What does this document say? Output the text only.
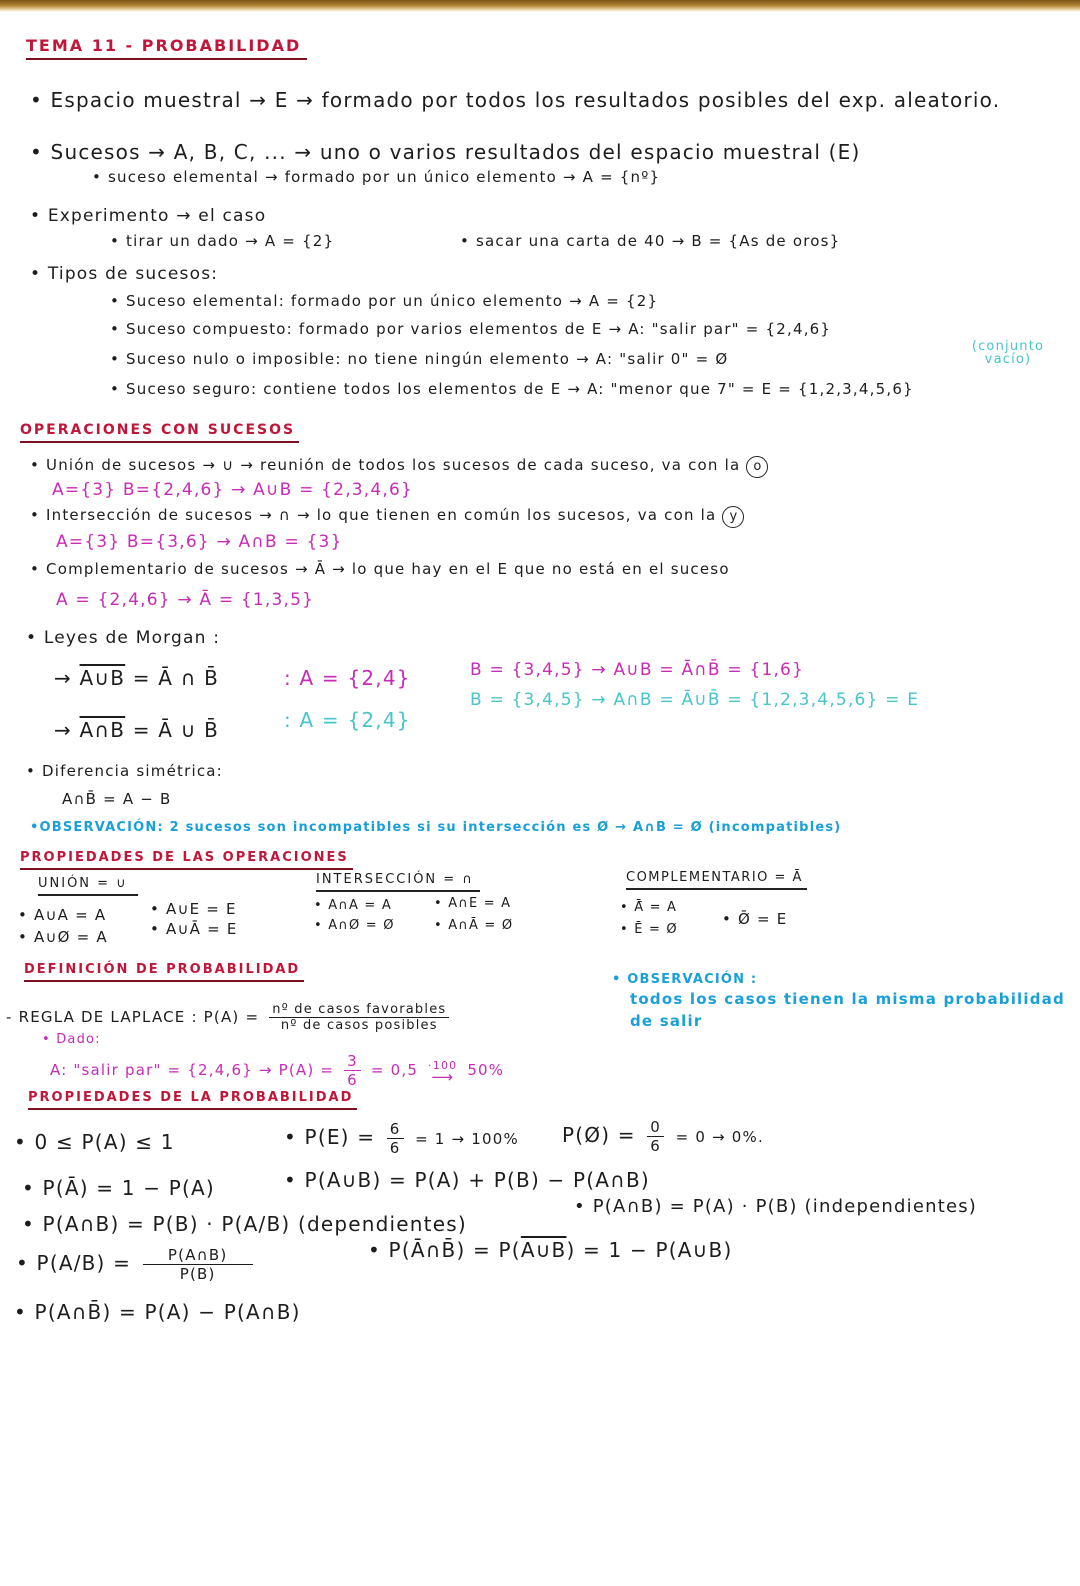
TEMA 11 - PROBABILIDAD
• Espacio muestral → E → formado por todos los resultados posibles del exp. aleatorio.
• Sucesos → A, B, C, ... → uno o varios resultados del espacio muestral (E)
• suceso elemental → formado por un único elemento → A = {nº}
• Experimento → el caso
• tirar un dado → A = {2}	• sacar una carta de 40 → B = {As de oros}
• Tipos de sucesos:
• Suceso elemental: formado por un único elemento → A = {2}
• Suceso compuesto: formado por varios elementos de E → A: "salir par" = {2,4,6}
• Suceso nulo o imposible: no tiene ningún elemento → A: "salir 0" = Ø
(conjunto vacío)
• Suceso seguro: contiene todos los elementos de E → A: "menor que 7" = E = {1,2,3,4,5,6}
OPERACIONES CON SUCESOS
• Unión de sucesos → ∪ → reunión de todos los sucesos de cada suceso, va con la o
A={3} B={2,4,6} → A∪B = {2,3,4,6}
• Intersección de sucesos → ∩ → lo que tienen en común los sucesos, va con la y
A={3} B={3,6} → A∩B = {3}
• Complementario de sucesos → Ā → lo que hay en el E que no está en el suceso
A = {2,4,6} → Ā = {1,3,5}
• Leyes de Morgan :
→ A∪B = Ā ∩ B̄	: A = {2,4}	B = {3,4,5} → A∪B = Ā∩B̄ = {1,6}
→ A∩B = Ā ∪ B̄	: A = {2,4}
B = {3,4,5} → A∩B = Ā∪B̄ = {1,2,3,4,5,6} = E
• Diferencia simétrica:
A∩B̄ = A − B
•OBSERVACIÓN: 2 sucesos son incompatibles si su intersección es Ø → A∩B = Ø (incompatibles)
PROPIEDADES DE LAS OPERACIONES
UNIÓN = ∪
• A∪A = A
• A∪Ø = A
• A∪E = E
• A∪Ā = E
INTERSECCIÓN = ∩
• A∩A = A
• A∩Ø = Ø
• A∩E = A
• A∩Ā = Ø
COMPLEMENTARIO = Ā
• Ā̄ = A
• Ē = Ø
• Ø̄ = E
DEFINICIÓN DE PROBABILIDAD
- REGLA DE LAPLACE : $P(A) = \frac{\text{nº de casos favorables}}{\text{nº de casos posibles}}$
• Dado:
A: "salir par" = $\{2,4,6\} \to P(A) = \frac{3}{6} = 0,5 \cdot 100$
⟶ 50%
• OBSERVACIÓN :
todos los casos tienen la misma probabilidad
de salir
PROPIEDADES DE LA PROBABILIDAD
• 0 ≤ P(A) ≤ 1	• $P(E) = \frac{6}{6} = 1 \to 100\%$ P(Ø) = $\frac{0}{6} = 0 \to 0\%$.
• P(Ā) = 1 − P(A)	• P(A∪B) = P(A) + P(B) − P(A∩B)
• P(A∩B) = P(B) · P(A/B) (dependientes)
• P(A∩B) = P(A) · P(B) (independientes)
• $P(A/B) = \frac{P(A\cap B)}{P(B)}$	• P(Ā∩B̄) = P(A∪B) = 1 − P(A∪B)
• P(A∩B̄) = P(A) − P(A∩B)
